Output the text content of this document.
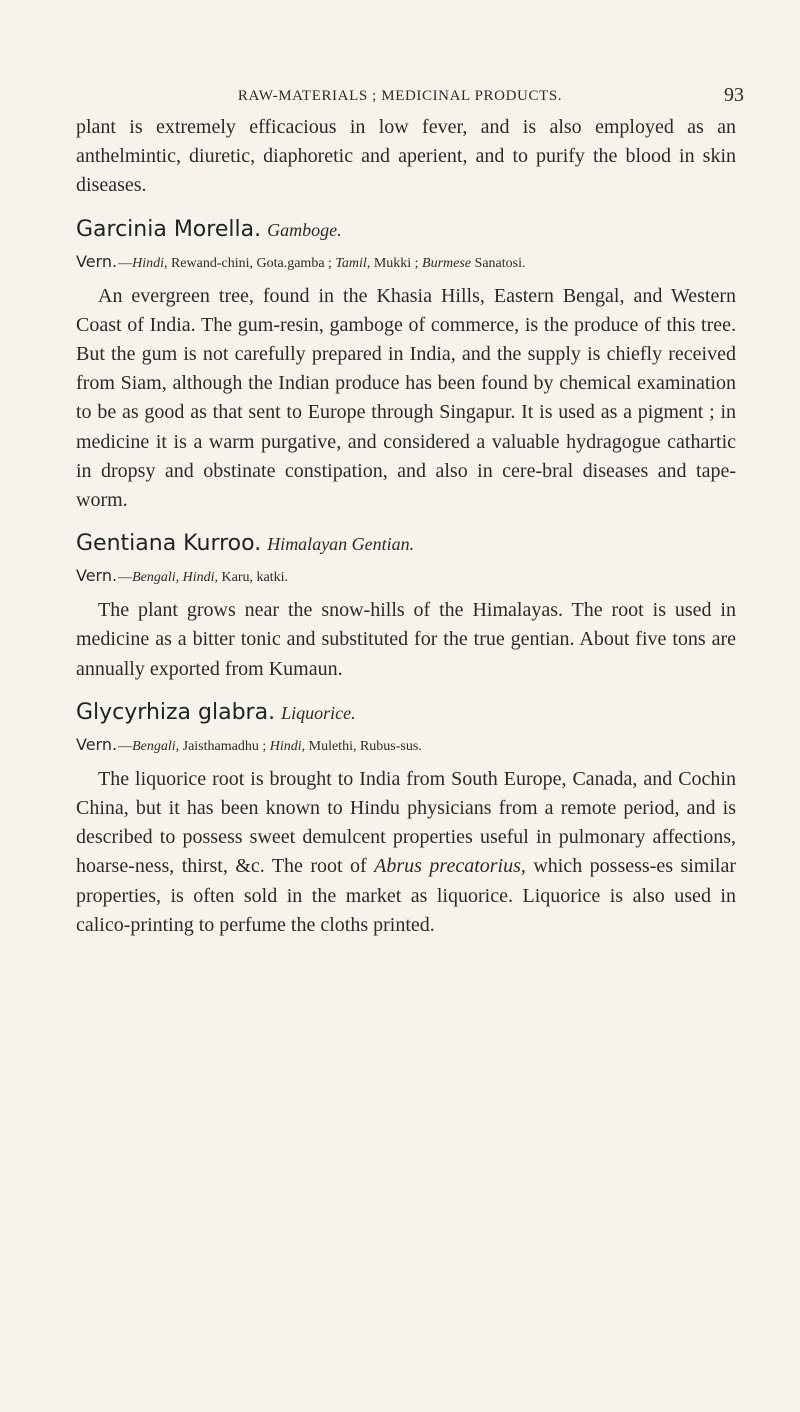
RAW-MATERIALS ; MEDICINAL PRODUCTS.	93

plant is extremely efficacious in low fever, and is also employed as an anthelmintic, diuretic, diaphoretic and aperient, and to purify the blood in skin diseases.

Garcinia Morella. Gamboge.
Vern.—Hindi, Rewand-chini, Gota.gamba ; Tamil, Mukki ; Burmese Sanatosi.

An evergreen tree, found in the Khasia Hills, Eastern Bengal, and Western Coast of India. The gum-resin, gamboge of commerce, is the produce of this tree. But the gum is not carefully prepared in India, and the supply is chiefly received from Siam, although the Indian produce has been found by chemical examination to be as good as that sent to Europe through Singapur. It is used as a pigment ; in medicine it is a warm purgative, and considered a valuable hydragogue cathartic in dropsy and obstinate constipation, and also in cere-bral diseases and tape-worm.

Gentiana Kurroo. Himalayan Gentian.
Vern.—Bengali, Hindi, Karu, katki.

The plant grows near the snow-hills of the Himalayas. The root is used in medicine as a bitter tonic and substituted for the true gentian. About five tons are annually exported from Kumaun.

Glycyrhiza glabra. Liquorice.
Vern.—Bengali, Jaisthamadhu ; Hindi, Mulethi, Rubus-sus.

The liquorice root is brought to India from South Europe, Canada, and Cochin China, but it has been known to Hindu physicians from a remote period, and is described to possess sweet demulcent properties useful in pulmonary affections, hoarse-ness, thirst, &c. The root of Abrus precatorius, which possess-es similar properties, is often sold in the market as liquorice. Liquorice is also used in calico-printing to perfume the cloths printed.
